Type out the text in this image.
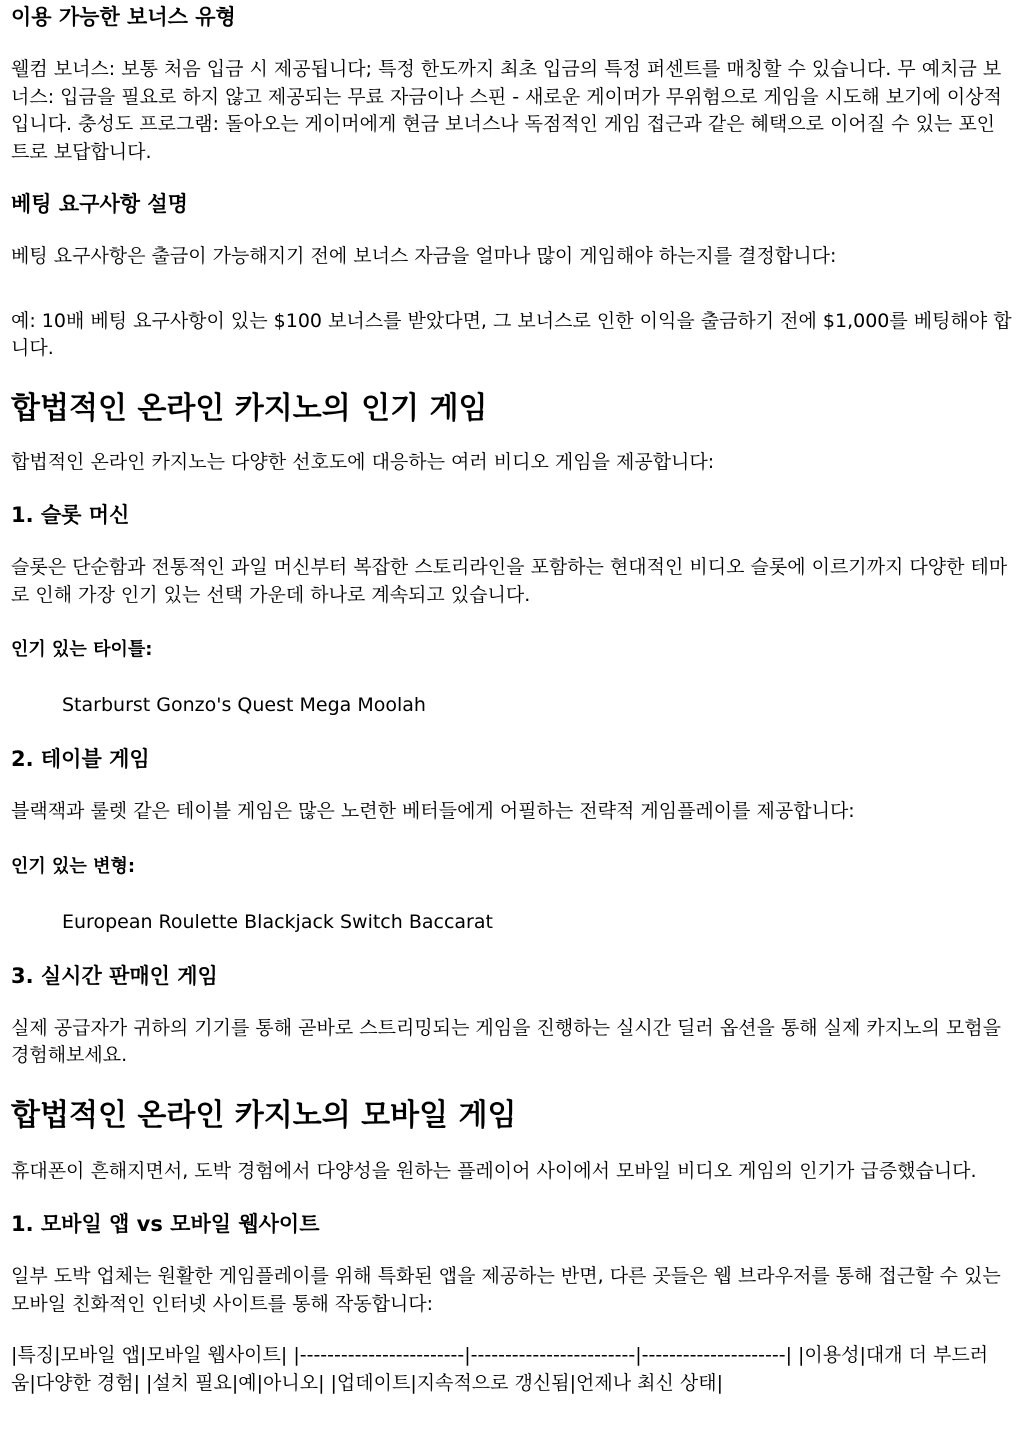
이용 가능한 보너스 유형

웰컴 보너스: 보통 처음 입금 시 제공됩니다; 특정 한도까지 최초 입금의 특정 퍼센트를 매칭할 수 있습니다. 무 예치금 보너스: 입금을 필요로 하지 않고 제공되는 무료 자금이나 스핀 - 새로운 게이머가 무위험으로 게임을 시도해 보기에 이상적입니다. 충성도 프로그램: 돌아오는 게이머에게 현금 보너스나 독점적인 게임 접근과 같은 혜택으로 이어질 수 있는 포인트로 보답합니다.

베팅 요구사항 설명

베팅 요구사항은 출금이 가능해지기 전에 보너스 자금을 얼마나 많이 게임해야 하는지를 결정합니다:

예: 10배 베팅 요구사항이 있는 $100 보너스를 받았다면, 그 보너스로 인한 이익을 출금하기 전에 $1,000를 베팅해야 합니다.

합법적인 온라인 카지노의 인기 게임

합법적인 온라인 카지노는 다양한 선호도에 대응하는 여러 비디오 게임을 제공합니다:

1. 슬롯 머신

슬롯은 단순함과 전통적인 과일 머신부터 복잡한 스토리라인을 포함하는 현대적인 비디오 슬롯에 이르기까지 다양한 테마로 인해 가장 인기 있는 선택 가운데 하나로 계속되고 있습니다.

인기 있는 타이틀:

Starburst Gonzo's Quest Mega Moolah

2. 테이블 게임

블랙잭과 룰렛 같은 테이블 게임은 많은 노련한 베터들에게 어필하는 전략적 게임플레이를 제공합니다:

인기 있는 변형:

European Roulette Blackjack Switch Baccarat

3. 실시간 판매인 게임

실제 공급자가 귀하의 기기를 통해 곧바로 스트리밍되는 게임을 진행하는 실시간 딜러 옵션을 통해 실제 카지노의 모험을 경험해보세요.

합법적인 온라인 카지노의 모바일 게임

휴대폰이 흔해지면서, 도박 경험에서 다양성을 원하는 플레이어 사이에서 모바일 비디오 게임의 인기가 급증했습니다.

1. 모바일 앱 vs 모바일 웹사이트

일부 도박 업체는 원활한 게임플레이를 위해 특화된 앱을 제공하는 반면, 다른 곳들은 웹 브라우저를 통해 접근할 수 있는 모바일 친화적인 인터넷 사이트를 통해 작동합니다:

|특징|모바일 앱|모바일 웹사이트| |------------------------|------------------------|---------------------| |이용성|대개 더 부드러움|다양한 경험| |설치 필요|예|아니오| |업데이트|지속적으로 갱신됨|언제나 최신 상태|
